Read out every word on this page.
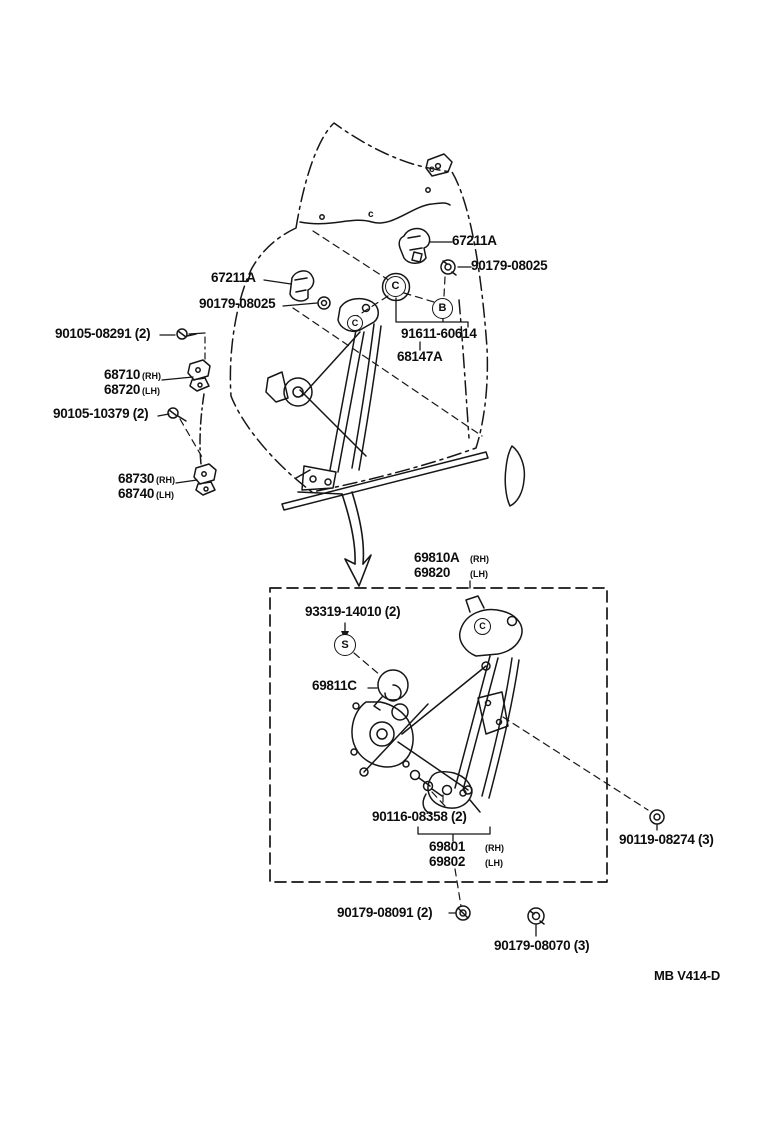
C
B
C
c
c
S
C
67211A
90179-08025
67211A
90179-08025
90105-08291 (2)	91611-60614
68147A
68710 (RH)
68720 (LH)
90105-10379 (2)
68730 (RH)
68740 (LH)
69810A	(RH)
69820	(LH)
93319-14010 (2)
69811C
90116-08358 (2)
69801	(RH)
69802	(LH)
90119-08274 (3)
90179-08091 (2)
90179-08070 (3)
MB V414-D
